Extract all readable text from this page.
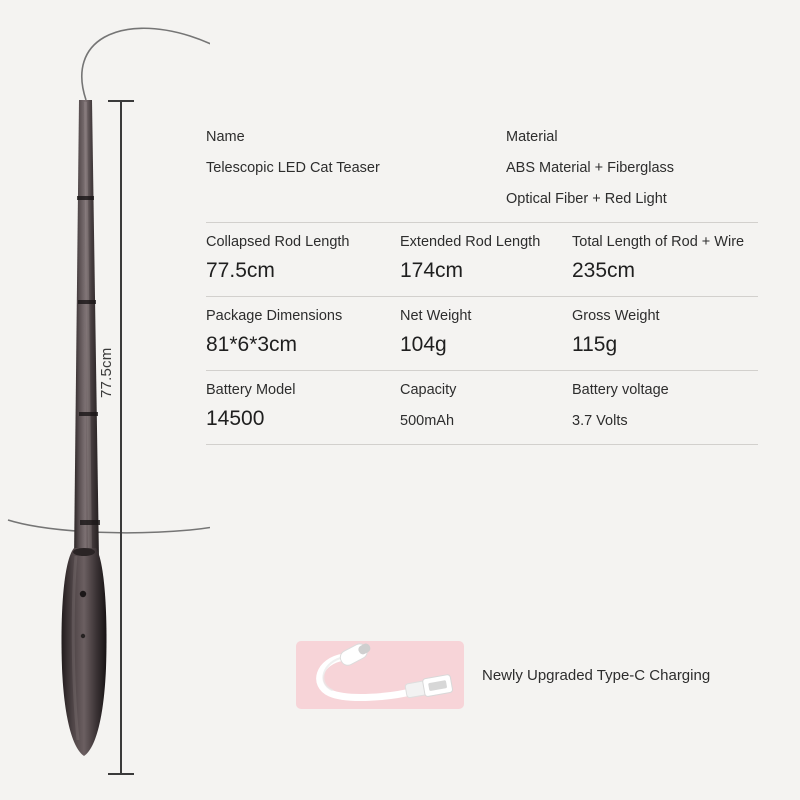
77.5cm
Name
Telescopic LED Cat Teaser
Material
ABS Material + Fiberglass
Optical Fiber + Red Light
Collapsed Rod Length
77.5cm
Extended Rod Length
174cm
Total Length of Rod + Wire
235cm
Package Dimensions
81*6*3cm
Net Weight
104g
Gross Weight
115g
Battery Model
14500
Capacity
500mAh
Battery voltage
3.7 Volts
Newly Upgraded Type-C Charging
